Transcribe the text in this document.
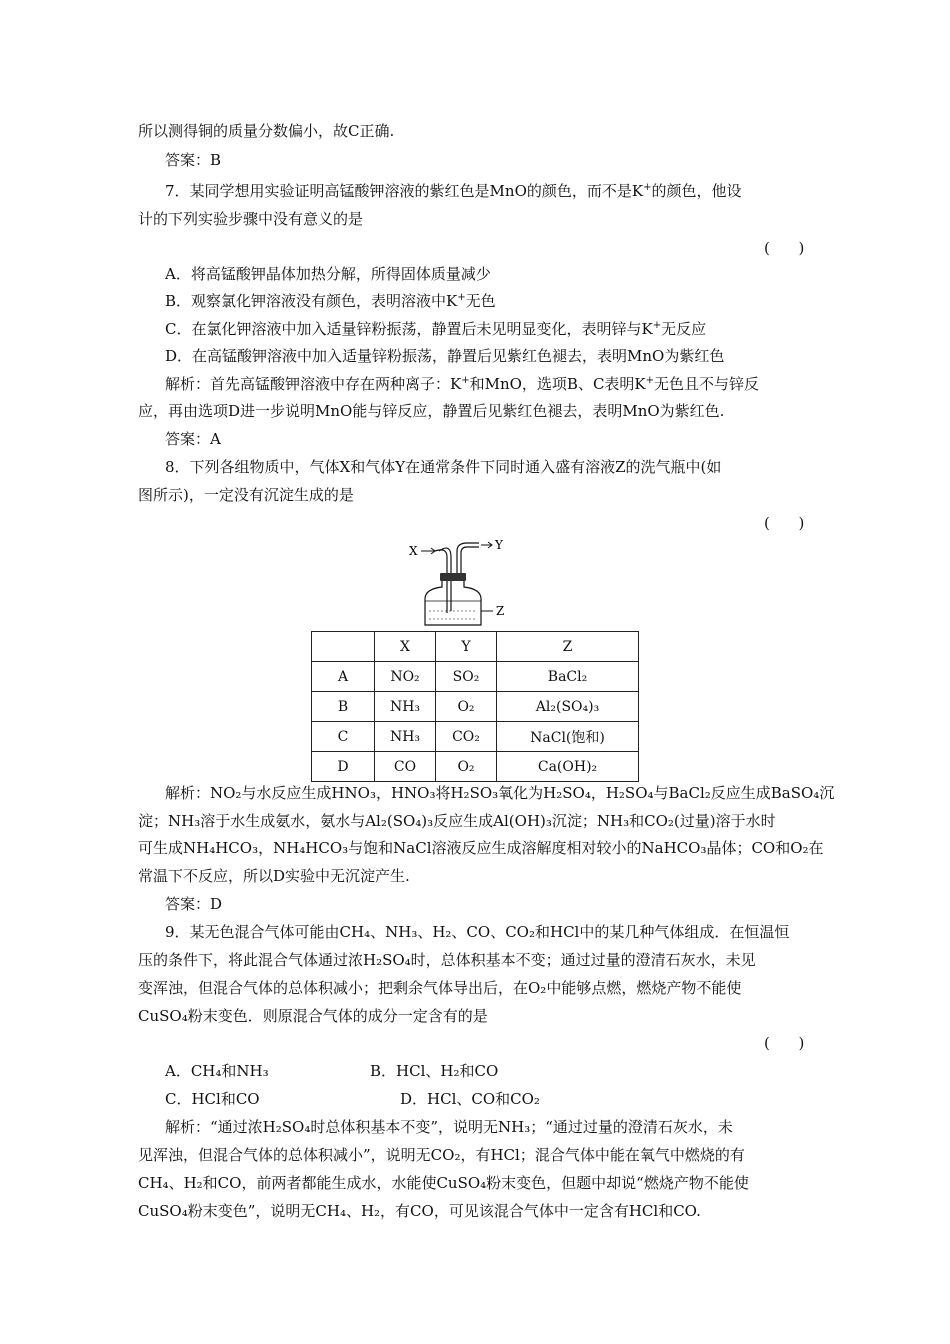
所以测得铜的质量分数偏小，故C正确.
答案：B
7．某同学想用实验证明高锰酸钾溶液的紫红色是MnO的颜色，而不是K+的颜色，他设
计的下列实验步骤中没有意义的是
(      )
A．将高锰酸钾晶体加热分解，所得固体质量减少
B．观察氯化钾溶液没有颜色，表明溶液中K+无色
C．在氯化钾溶液中加入适量锌粉振荡，静置后未见明显变化，表明锌与K+无反应
D．在高锰酸钾溶液中加入适量锌粉振荡，静置后见紫红色褪去，表明MnO为紫红色
解析：首先高锰酸钾溶液中存在两种离子：K+和MnO，选项B、C表明K+无色且不与锌反
应，再由选项D进一步说明MnO能与锌反应，静置后见紫红色褪去，表明MnO为紫红色.
答案：A
8．下列各组物质中，气体X和气体Y在通常条件下同时通入盛有溶液Z的洗气瓶中(如
图所示)，一定没有沉淀生成的是
(      )
X	Y
Z
	X	Y	Z
A	NO₂	SO₂	BaCl₂
B	NH₃	O₂	Al₂(SO₄)₃
C	NH₃	CO₂	NaCl(饱和)
D	CO	O₂	Ca(OH)₂
解析：NO₂与水反应生成HNO₃，HNO₃将H₂SO₃氧化为H₂SO₄，H₂SO₄与BaCl₂反应生成BaSO₄沉
淀；NH₃溶于水生成氨水，氨水与Al₂(SO₄)₃反应生成Al(OH)₃沉淀；NH₃和CO₂(过量)溶于水时
可生成NH₄HCO₃，NH₄HCO₃与饱和NaCl溶液反应生成溶解度相对较小的NaHCO₃晶体；CO和O₂在
常温下不反应，所以D实验中无沉淀产生.
答案：D
9．某无色混合气体可能由CH₄、NH₃、H₂、CO、CO₂和HCl中的某几种气体组成．在恒温恒
压的条件下，将此混合气体通过浓H₂SO₄时，总体积基本不变；通过过量的澄清石灰水，未见
变浑浊，但混合气体的总体积减小；把剩余气体导出后，在O₂中能够点燃，燃烧产物不能使
CuSO₄粉末变色．则原混合气体的成分一定含有的是
(      )
A．CH₄和NH₃	B．HCl、H₂和CO
C．HCl和CO	D．HCl、CO和CO₂
解析：“通过浓H₂SO₄时总体积基本不变”，说明无NH₃；“通过过量的澄清石灰水，未
见浑浊，但混合气体的总体积减小”，说明无CO₂，有HCl；混合气体中能在氧气中燃烧的有
CH₄、H₂和CO，前两者都能生成水，水能使CuSO₄粉末变色，但题中却说“燃烧产物不能使
CuSO₄粉末变色”，说明无CH₄、H₂，有CO，可见该混合气体中一定含有HCl和CO.
